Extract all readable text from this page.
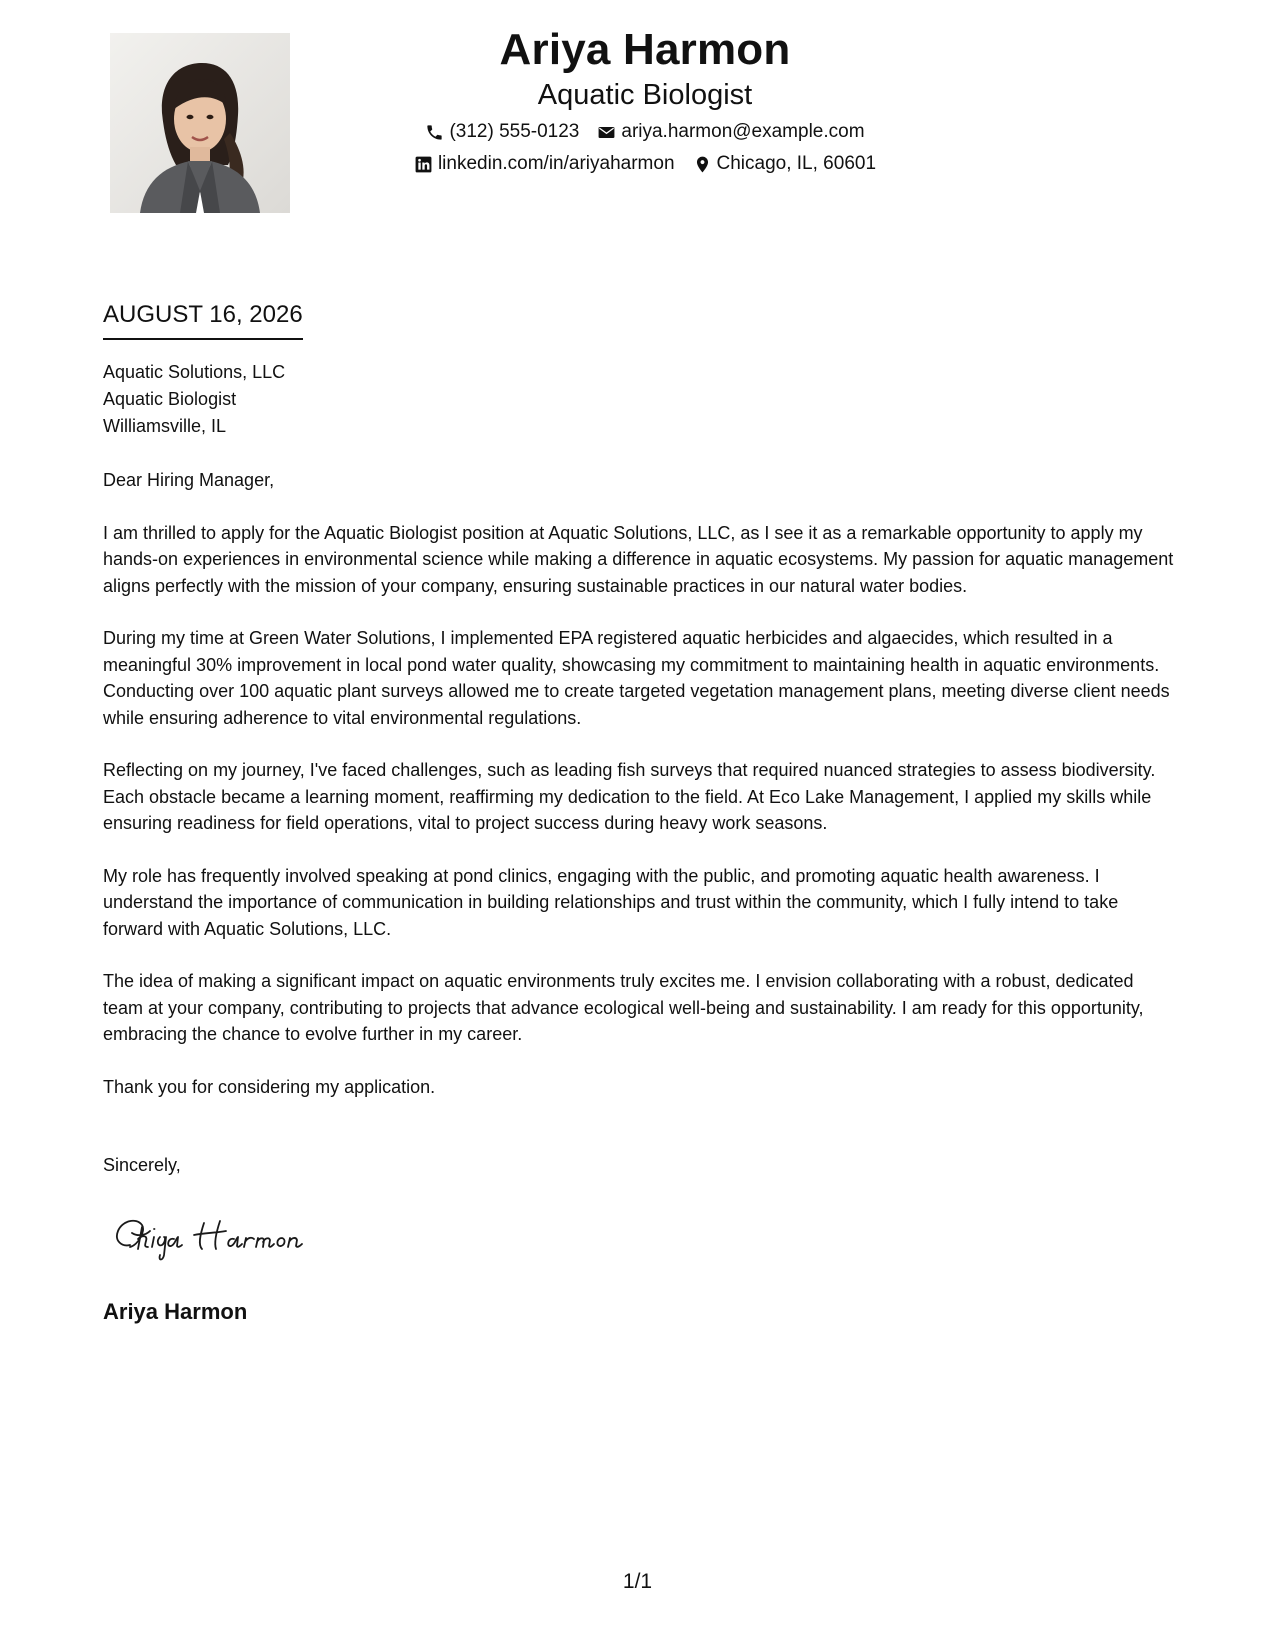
Ariya Harmon
Aquatic Biologist
(312) 555-0123 ariya.harmon@example.com
linkedin.com/in/ariyaharmon Chicago, IL, 60601
AUGUST 16, 2026
Aquatic Solutions, LLC
Aquatic Biologist
Williamsville, IL

Dear Hiring Manager,

I am thrilled to apply for the Aquatic Biologist position at Aquatic Solutions, LLC, as I see it as a remarkable opportunity to apply my hands-on experiences in environmental science while making a difference in aquatic ecosystems. My passion for aquatic management aligns perfectly with the mission of your company, ensuring sustainable practices in our natural water bodies.

During my time at Green Water Solutions, I implemented EPA registered aquatic herbicides and algaecides, which resulted in a meaningful 30% improvement in local pond water quality, showcasing my commitment to maintaining health in aquatic environments. Conducting over 100 aquatic plant surveys allowed me to create targeted vegetation management plans, meeting diverse client needs while ensuring adherence to vital environmental regulations.

Reflecting on my journey, I've faced challenges, such as leading fish surveys that required nuanced strategies to assess biodiversity. Each obstacle became a learning moment, reaffirming my dedication to the field. At Eco Lake Management, I applied my skills while ensuring readiness for field operations, vital to project success during heavy work seasons.

My role has frequently involved speaking at pond clinics, engaging with the public, and promoting aquatic health awareness. I understand the importance of communication in building relationships and trust within the community, which I fully intend to take forward with Aquatic Solutions, LLC.

The idea of making a significant impact on aquatic environments truly excites me. I envision collaborating with a robust, dedicated team at your company, contributing to projects that advance ecological well-being and sustainability. I am ready for this opportunity, embracing the chance to evolve further in my career.

Thank you for considering my application.

Sincerely,
Ariya Harmon
1/1
